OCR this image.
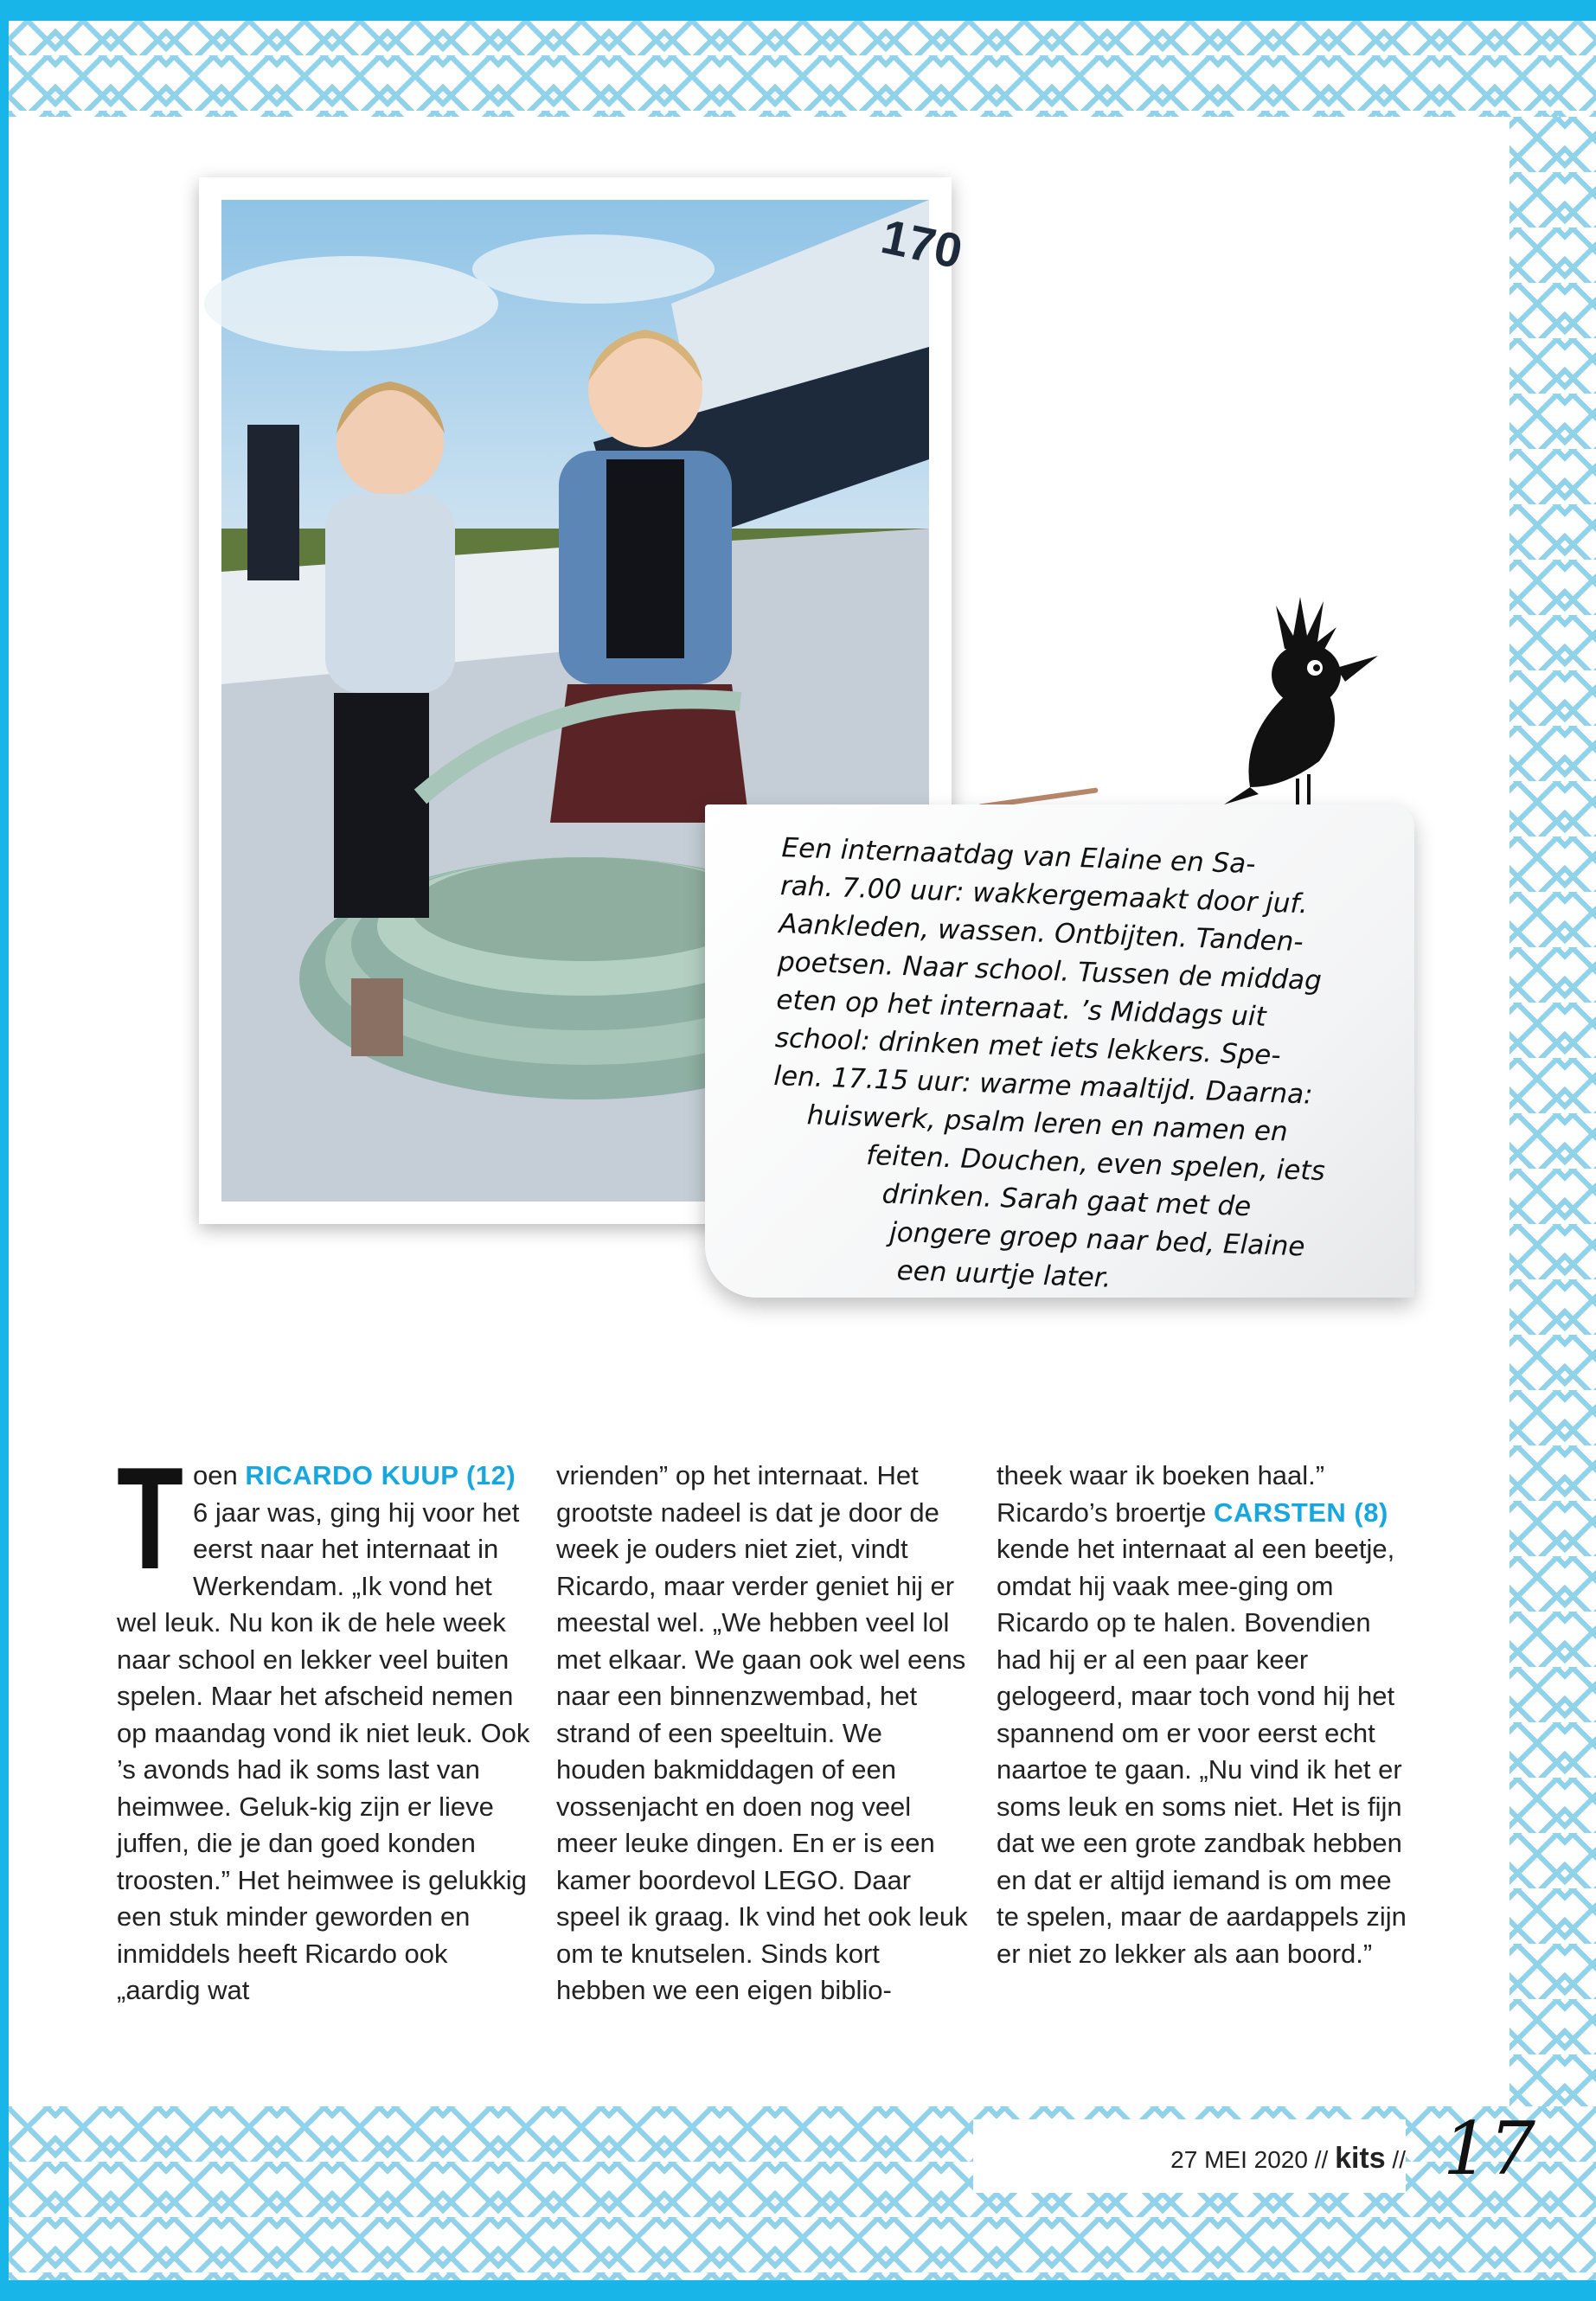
170
Een internaatdag van Elaine en Sa-
rah. 7.00 uur: wakkergemaakt door juf.
Aankleden, wassen. Ontbijten. Tanden-
poetsen. Naar school. Tussen de middag
eten op het internaat. ’s Middags uit
school: drinken met iets lekkers. Spe-
len. 17.15 uur: warme maaltijd. Daarna:
huiswerk, psalm leren en namen en
feiten. Douchen, even spelen, iets
drinken. Sarah gaat met de
jongere groep naar bed, Elaine
een uurtje later.

Toen RICARDO KUUP (12) 6 jaar was, ging hij voor het eerst naar het internaat in Werkendam. „Ik vond het wel leuk. Nu kon ik de hele week naar school en lekker veel buiten spelen. Maar het afscheid nemen op maandag vond ik niet leuk. Ook ’s avonds had ik soms last van heimwee. Geluk-kig zijn er lieve juffen, die je dan goed konden troosten.” Het heimwee is gelukkig een stuk minder geworden en inmiddels heeft Ricardo ook „aardig wat

vrienden” op het internaat. Het grootste nadeel is dat je door de week je ouders niet ziet, vindt Ricardo, maar verder geniet hij er meestal wel. „We hebben veel lol met elkaar. We gaan ook wel eens naar een binnenzwembad, het strand of een speeltuin. We houden bakmiddagen of een vossenjacht en doen nog veel meer leuke dingen. En er is een kamer boordevol LEGO. Daar speel ik graag. Ik vind het ook leuk om te knutselen. Sinds kort hebben we een eigen biblio-

theek waar ik boeken haal.” Ricardo’s broertje CARSTEN (8) kende het internaat al een beetje, omdat hij vaak mee-ging om Ricardo op te halen. Bovendien had hij er al een paar keer gelogeerd, maar toch vond hij het spannend om er voor eerst echt naartoe te gaan. „Nu vind ik het er soms leuk en soms niet. Het is fijn dat we een grote zandbak hebben en dat er altijd iemand is om mee te spelen, maar de aardappels zijn er niet zo lekker als aan boord.”

27 MEI 2020 // kits // 17
